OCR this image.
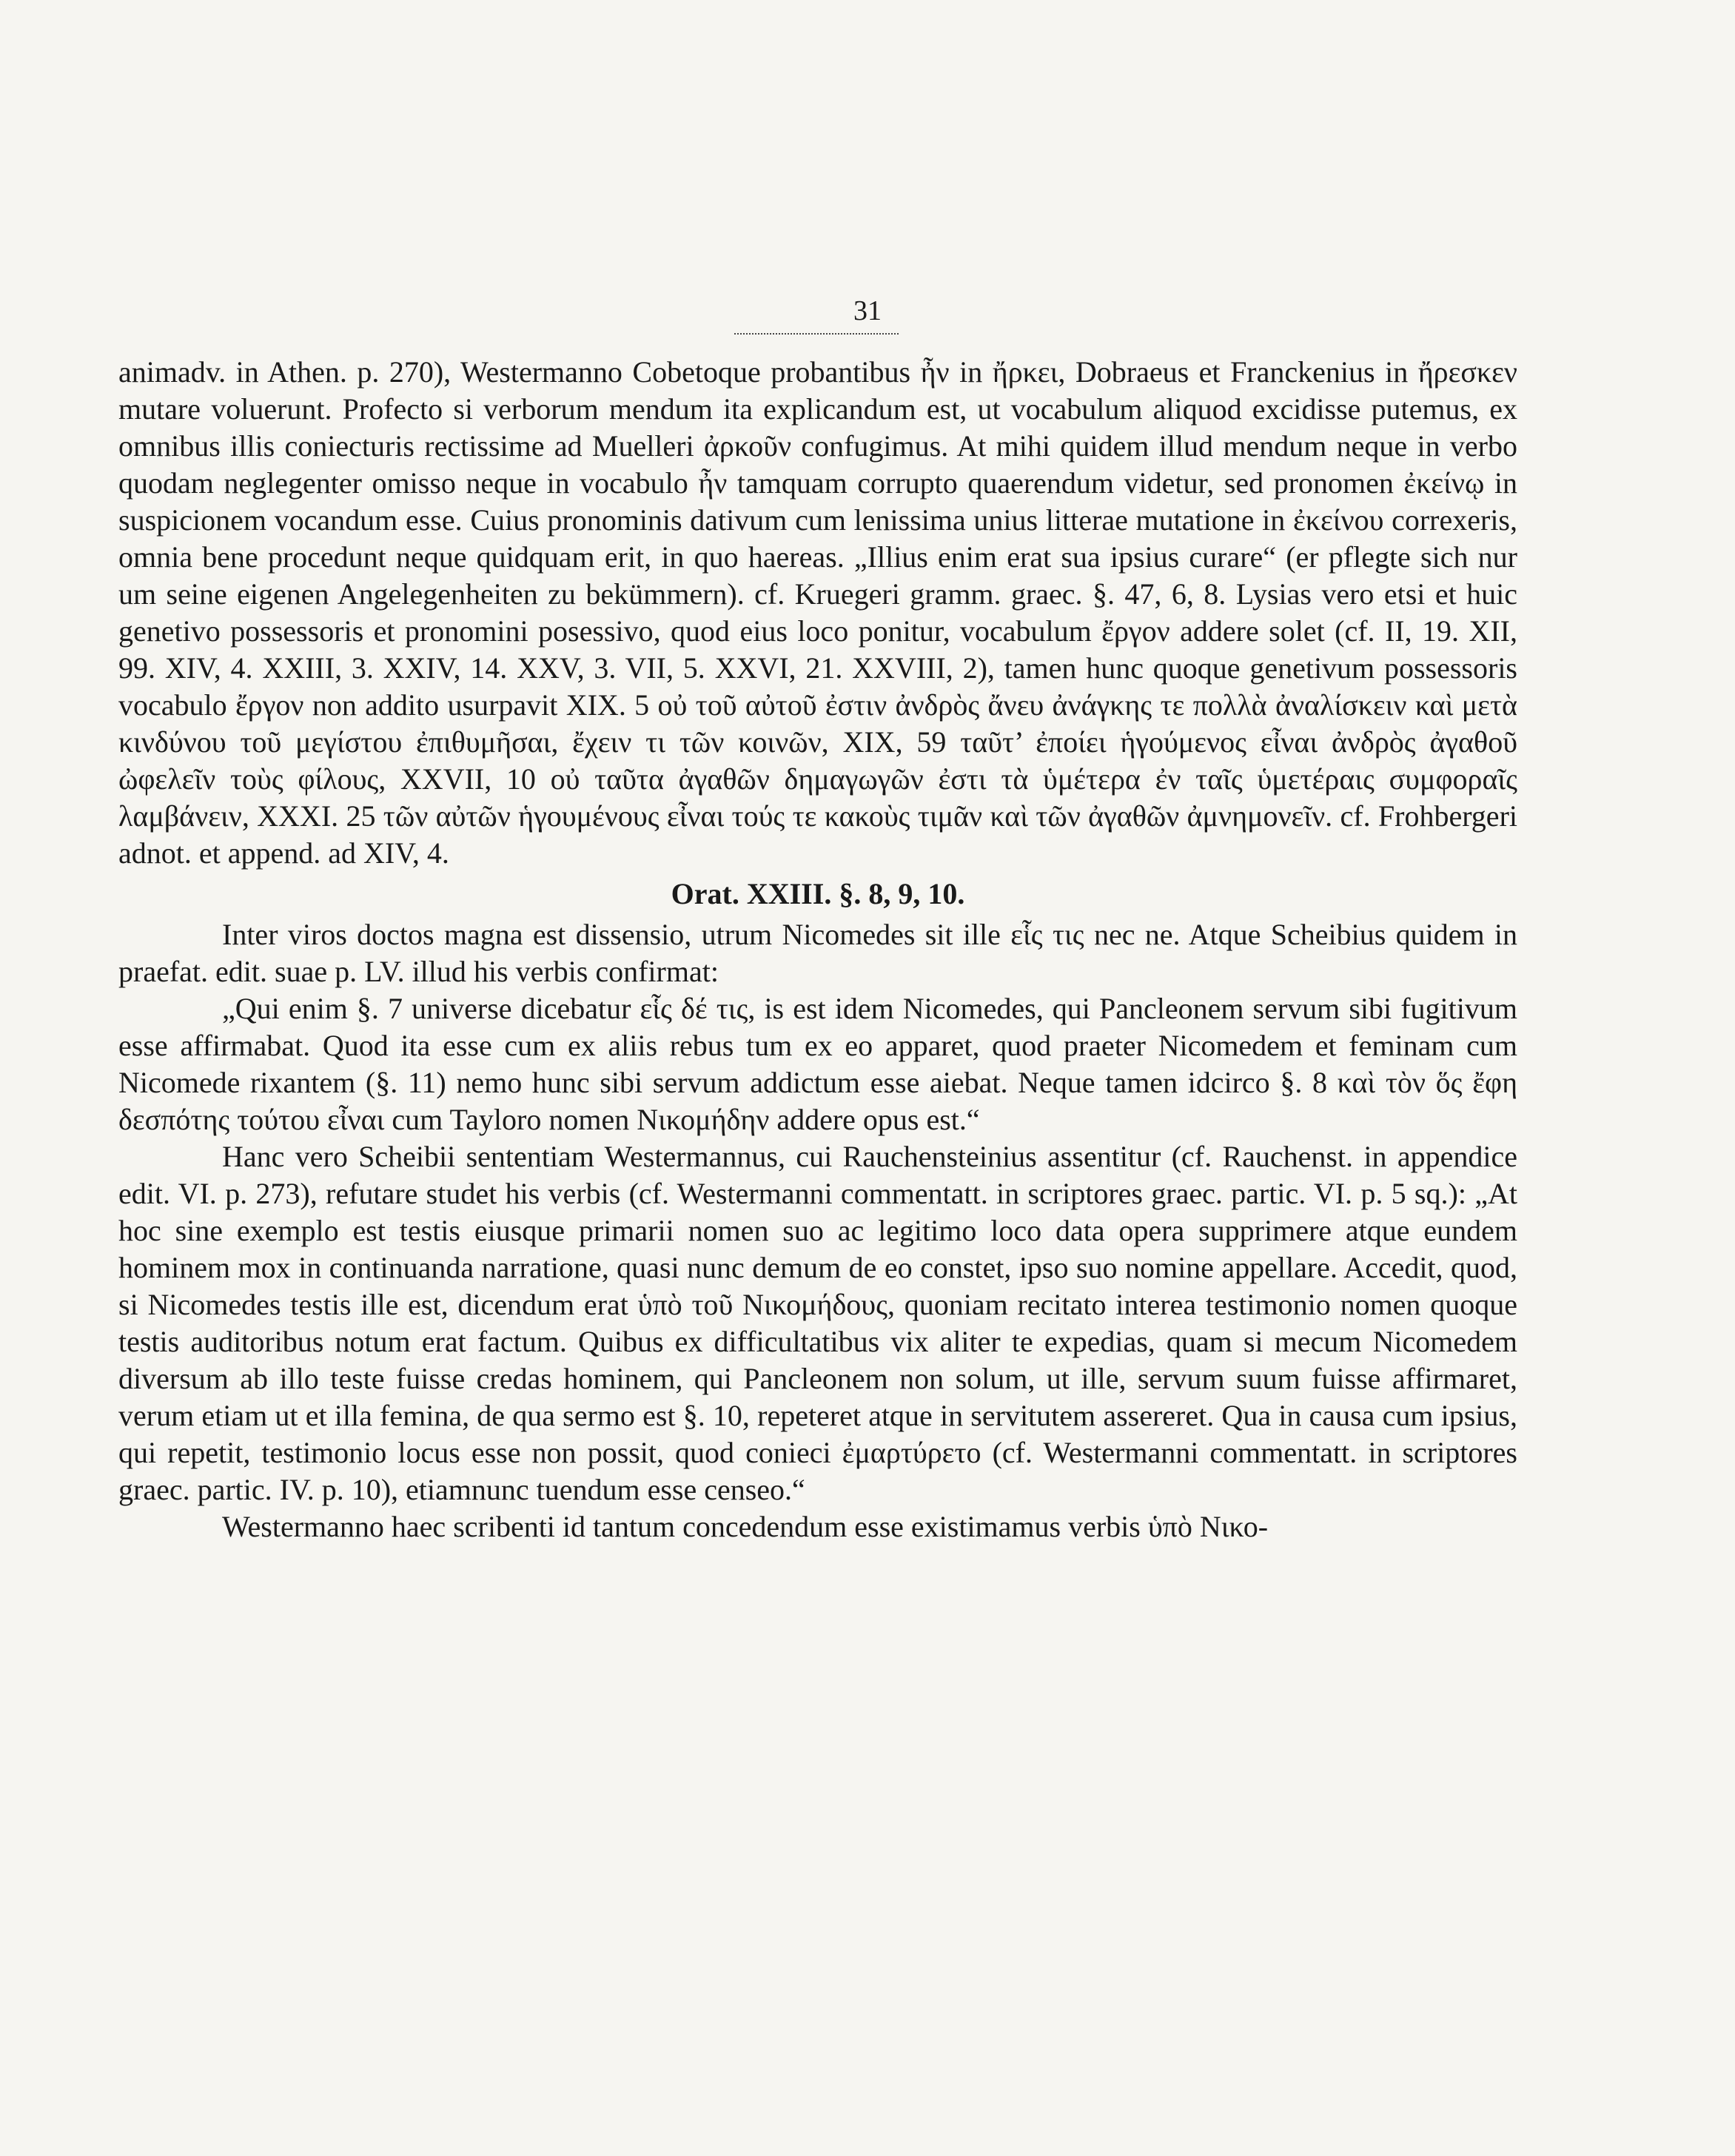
31

animadv. in Athen. p. 270), Westermanno Cobetoque probantibus ἦν in ἤρκει, Dobraeus et Franckenius in ἤρεσκεν mutare voluerunt. Profecto si verborum mendum ita explicandum est, ut vocabulum aliquod excidisse putemus, ex omnibus illis coniecturis rectissime ad Muelleri ἀρκοῦν confugimus. At mihi quidem illud mendum neque in verbo quodam neglegenter omisso neque in vocabulo ἦν tamquam corrupto quaerendum videtur, sed pronomen ἐκείνῳ in suspicionem vocandum esse. Cuius pronominis dativum cum lenissima unius litterae mutatione in ἐκείνου correxeris, omnia bene procedunt neque quidquam erit, in quo haereas. „Illius enim erat sua ipsius curare“ (er pflegte sich nur um seine eigenen Angelegenheiten zu bekümmern). cf. Kruegeri gramm. graec. §. 47, 6, 8. Lysias vero etsi et huic genetivo possessoris et pronomini posessivo, quod eius loco ponitur, vocabulum ἔργον addere solet (cf. II, 19. XII, 99. XIV, 4. XXIII, 3. XXIV, 14. XXV, 3. VII, 5. XXVI, 21. XXVIII, 2), tamen hunc quoque genetivum possessoris vocabulo ἔργον non addito usurpavit XIX. 5 οὐ τοῦ αὐτοῦ ἐστιν ἀνδρὸς ἄνευ ἀνάγκης τε πολλὰ ἀναλίσκειν καὶ μετὰ κινδύνου τοῦ μεγίστου ἐπιθυμῆσαι, ἔχειν τι τῶν κοινῶν, XIX, 59 ταῦτ’ ἐποίει ἡγούμενος εἶναι ἀνδρὸς ἀγαθοῦ ὠφελεῖν τοὺς φίλους, XXVII, 10 οὐ ταῦτα ἀγαθῶν δημαγωγῶν ἐστι τὰ ὑμέτερα ἐν ταῖς ὑμετέραις συμφοραῖς λαμβάνειν, XXXI. 25 τῶν αὐτῶν ἡγουμένους εἶναι τούς τε κακοὺς τιμᾶν καὶ τῶν ἀγαθῶν ἀμνημονεῖν. cf. Frohbergeri adnot. et append. ad XIV, 4.

Orat. XXIII. §. 8, 9, 10.

Inter viros doctos magna est dissensio, utrum Nicomedes sit ille εἷς τις nec ne. Atque Scheibius quidem in praefat. edit. suae p. LV. illud his verbis confirmat:

„Qui enim §. 7 universe dicebatur εἷς δέ τις, is est idem Nicomedes, qui Pancleonem servum sibi fugitivum esse affirmabat. Quod ita esse cum ex aliis rebus tum ex eo apparet, quod praeter Nicomedem et feminam cum Nicomede rixantem (§. 11) nemo hunc sibi servum addictum esse aiebat. Neque tamen idcirco §. 8 καὶ τὸν ὅς ἔφη δεσπότης τούτου εἶναι cum Tayloro nomen Νικομήδην addere opus est.“

Hanc vero Scheibii sententiam Westermannus, cui Rauchensteinius assentitur (cf. Rauchenst. in appendice edit. VI. p. 273), refutare studet his verbis (cf. Westermanni commentatt. in scriptores graec. partic. VI. p. 5 sq.): „At hoc sine exemplo est testis eiusque primarii nomen suo ac legitimo loco data opera supprimere atque eundem hominem mox in continuanda narratione, quasi nunc demum de eo constet, ipso suo nomine appellare. Accedit, quod, si Nicomedes testis ille est, dicendum erat ὑπὸ τοῦ Νικομήδους, quoniam recitato interea testimonio nomen quoque testis auditoribus notum erat factum. Quibus ex difficultatibus vix aliter te expedias, quam si mecum Nicomedem diversum ab illo teste fuisse credas hominem, qui Pancleonem non solum, ut ille, servum suum fuisse affirmaret, verum etiam ut et illa femina, de qua sermo est §. 10, repeteret atque in servitutem assereret. Qua in causa cum ipsius, qui repetit, testimonio locus esse non possit, quod conieci ἐμαρτύρετο (cf. Westermanni commentatt. in scriptores graec. partic. IV. p. 10), etiamnunc tuendum esse censeo.“

Westermanno haec scribenti id tantum concedendum esse existimamus verbis ὑπὸ Νικο-
